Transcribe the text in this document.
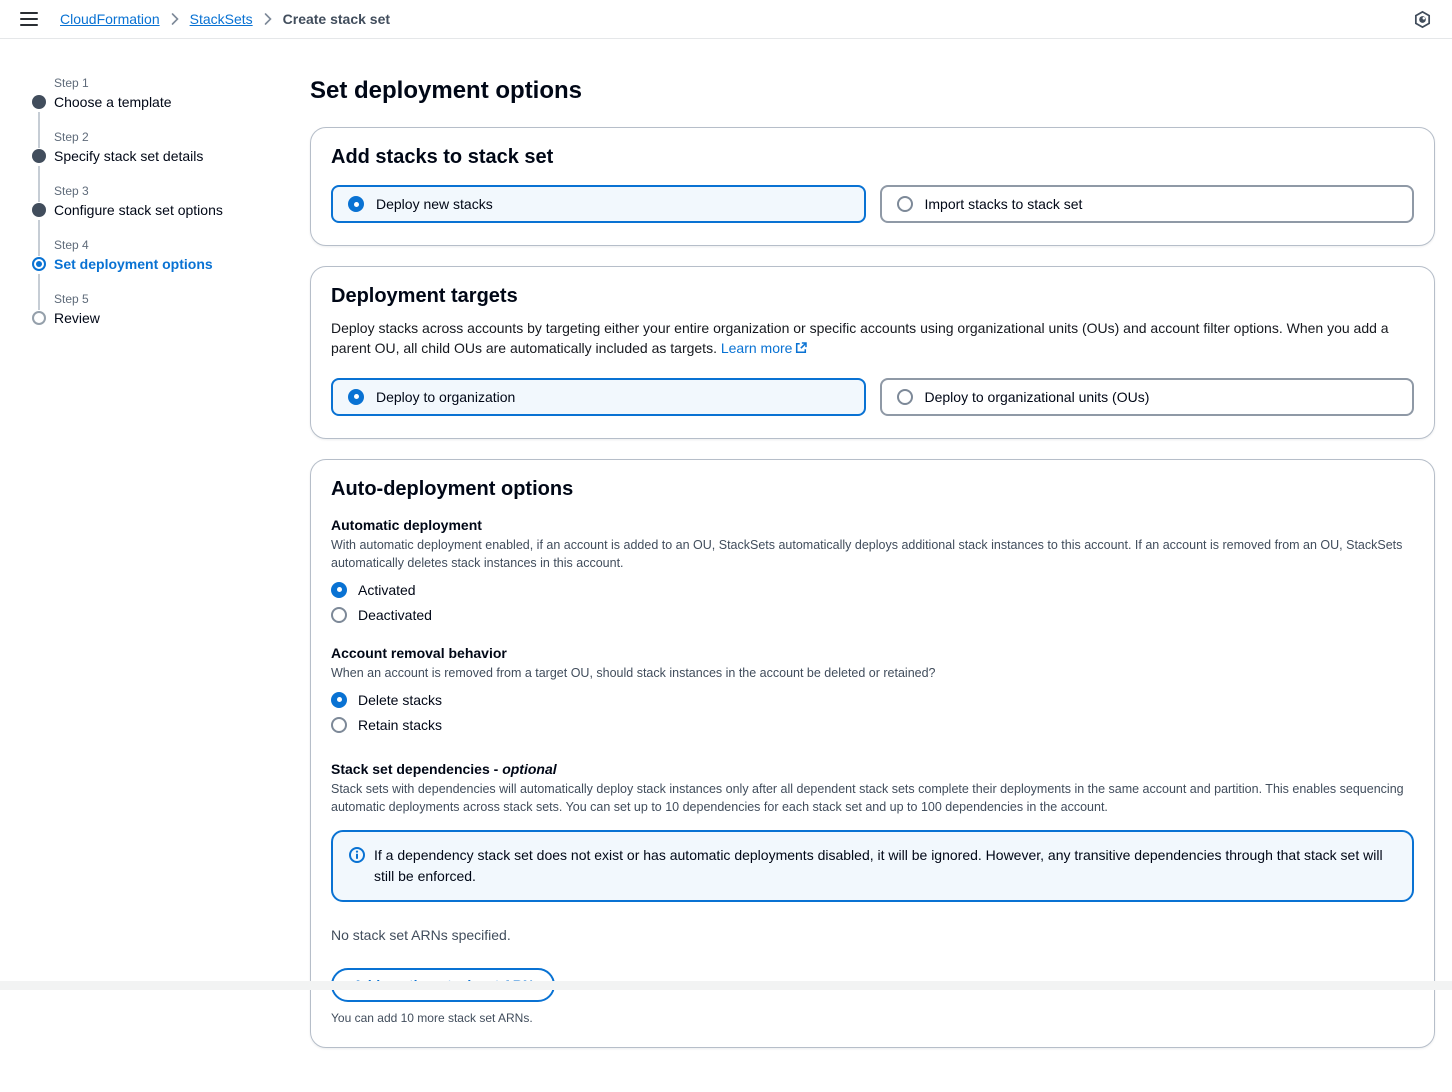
CloudFormation StackSets Create stack set
Step 1
Choose a template
Step 2
Specify stack set details
Step 3
Configure stack set options
Step 4
Set deployment options
Step 5
Review
Set deployment options
Add stacks to stack set
Deploy new stacks	Import stacks to stack set
Deployment targets

Deploy stacks across accounts by targeting either your entire organization or specific accounts using organizational units (OUs) and account filter options. When you add a parent OU, all child OUs are automatically included as targets. Learn more

Deploy to organization	Deploy to organizational units (OUs)
Auto-deployment options
Automatic deployment

With automatic deployment enabled, if an account is added to an OU, StackSets automatically deploys additional stack instances to this account. If an account is removed from an OU, StackSets automatically deletes stack instances in this account.

Activated
Deactivated
Account removal behavior

When an account is removed from a target OU, should stack instances in the account be deleted or retained?

Delete stacks
Retain stacks
Stack set dependencies - optional

Stack sets with dependencies will automatically deploy stack instances only after all dependent stack sets complete their deployments in the same account and partition. This enables sequencing automatic deployments across stack sets. You can set up to 10 dependencies for each stack set and up to 100 dependencies in the account.

If a dependency stack set does not exist or has automatic deployments disabled, it will be ignored. However, any transitive dependencies through that stack set will still be enforced.
No stack set ARNs specified.
You can add 10 more stack set ARNs.
